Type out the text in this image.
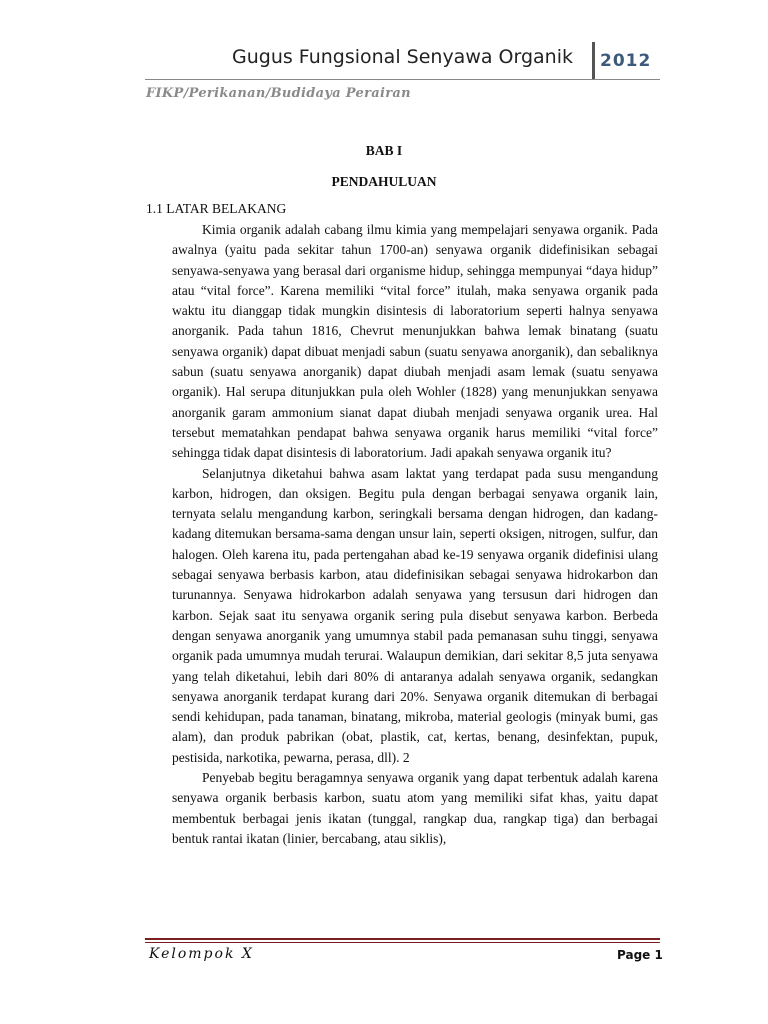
Gugus Fungsional Senyawa Organik 2012
FIKP/Perikanan/Budidaya Perairan
BAB I
PENDAHULUAN
1.1 LATAR BELAKANG

Kimia organik adalah cabang ilmu kimia yang mempelajari senyawa organik. Pada awalnya (yaitu pada sekitar tahun 1700-an) senyawa organik didefinisikan sebagai senyawa-senyawa yang berasal dari organisme hidup, sehingga mempunyai “daya hidup” atau “vital force”. Karena memiliki “vital force” itulah, maka senyawa organik pada waktu itu dianggap tidak mungkin disintesis di laboratorium seperti halnya senyawa anorganik. Pada tahun 1816, Chevrut menunjukkan bahwa lemak binatang (suatu senyawa organik) dapat dibuat menjadi sabun (suatu senyawa anorganik), dan sebaliknya sabun (suatu senyawa anorganik) dapat diubah menjadi asam lemak (suatu senyawa organik). Hal serupa ditunjukkan pula oleh Wohler (1828) yang menunjukkan senyawa anorganik garam ammonium sianat dapat diubah menjadi senyawa organik urea. Hal tersebut mematahkan pendapat bahwa senyawa organik harus memiliki “vital force” sehingga tidak dapat disintesis di laboratorium. Jadi apakah senyawa organik itu?

Selanjutnya diketahui bahwa asam laktat yang terdapat pada susu mengandung karbon, hidrogen, dan oksigen. Begitu pula dengan berbagai senyawa organik lain, ternyata selalu mengandung karbon, seringkali bersama dengan hidrogen, dan kadang-kadang ditemukan bersama-sama dengan unsur lain, seperti oksigen, nitrogen, sulfur, dan halogen. Oleh karena itu, pada pertengahan abad ke-19 senyawa organik didefinisi ulang sebagai senyawa berbasis karbon, atau didefinisikan sebagai senyawa hidrokarbon dan turunannya. Senyawa hidrokarbon adalah senyawa yang tersusun dari hidrogen dan karbon. Sejak saat itu senyawa organik sering pula disebut senyawa karbon. Berbeda dengan senyawa anorganik yang umumnya stabil pada pemanasan suhu tinggi, senyawa organik pada umumnya mudah terurai. Walaupun demikian, dari sekitar 8,5 juta senyawa yang telah diketahui, lebih dari 80% di antaranya adalah senyawa organik, sedangkan senyawa anorganik terdapat kurang dari 20%. Senyawa organik ditemukan di berbagai sendi kehidupan, pada tanaman, binatang, mikroba, material geologis (minyak bumi, gas alam), dan produk pabrikan (obat, plastik, cat, kertas, benang, desinfektan, pupuk, pestisida, narkotika, pewarna, perasa, dll). 2

Penyebab begitu beragamnya senyawa organik yang dapat terbentuk adalah karena senyawa organik berbasis karbon, suatu atom yang memiliki sifat khas, yaitu dapat membentuk berbagai jenis ikatan (tunggal, rangkap dua, rangkap tiga) dan berbagai bentuk rantai ikatan (linier, bercabang, atau siklis),

Kelompok X	Page 1
